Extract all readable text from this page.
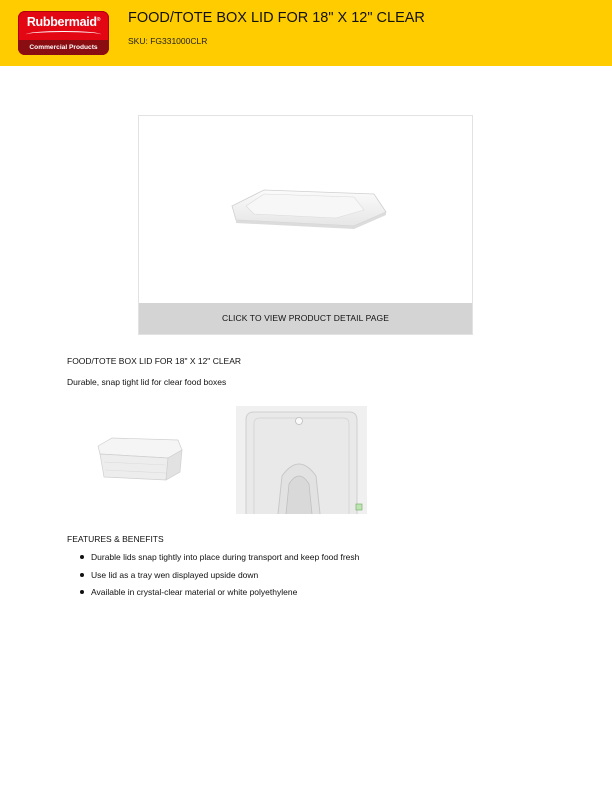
Rubbermaid®
Commercial Products
FOOD/TOTE BOX LID FOR 18" X 12" CLEAR
SKU: FG331000CLR
CLICK TO VIEW PRODUCT DETAIL PAGE
FOOD/TOTE BOX LID FOR 18" X 12" CLEAR
Durable, snap tight lid for clear food boxes
FEATURES & BENEFITS
Durable lids snap tightly into place during transport and keep food fresh
Use lid as a tray wen displayed upside down
Available in crystal-clear material or white polyethylene
